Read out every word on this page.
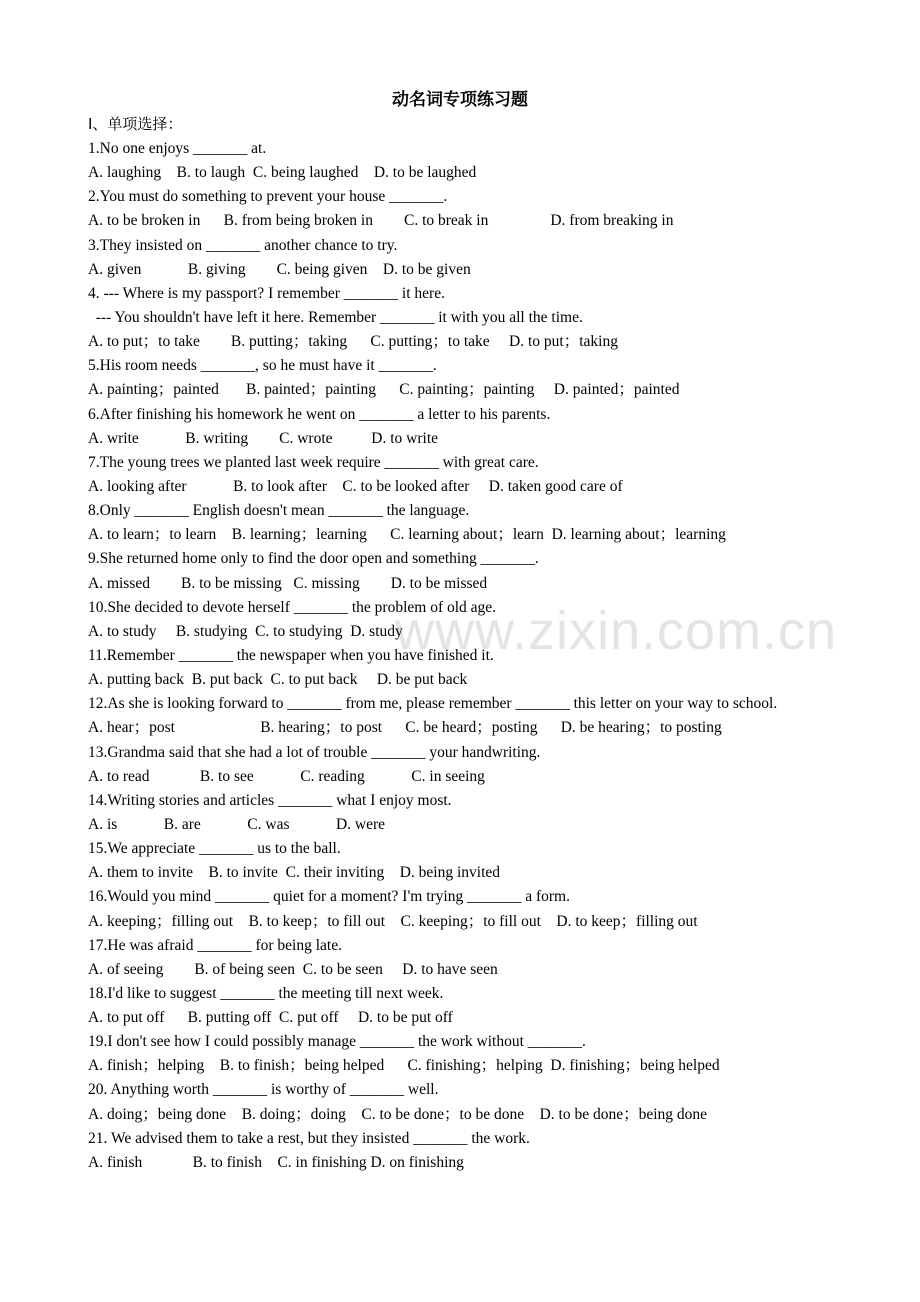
www.zixin.com.cn
动名词专项练习题
Ⅰ、单项选择：
1.No one enjoys _______ at.
A. laughing    B. to laugh  C. being laughed    D. to be laughed
2.You must do something to prevent your house _______.
A. to be broken in      B. from being broken in        C. to break in                D. from breaking in
3.They insisted on _______ another chance to try.
A. given            B. giving        C. being given    D. to be given
4. --- Where is my passport? I remember _______ it here.
--- You shouldn't have left it here. Remember _______ it with you all the time.
A. to put；to take        B. putting；taking      C. putting；to take     D. to put；taking
5.His room needs _______, so he must have it _______.
A. painting；painted       B. painted；painting      C. painting；painting     D. painted；painted
6.After finishing his homework he went on _______ a letter to his parents.
A. write            B. writing        C. wrote          D. to write
7.The young trees we planted last week require _______ with great care.
A. looking after            B. to look after    C. to be looked after     D. taken good care of
8.Only _______ English doesn't mean _______ the language.
A. to learn；to learn    B. learning；learning      C. learning about；learn  D. learning about；learning
9.She returned home only to find the door open and something _______.
A. missed        B. to be missing   C. missing        D. to be missed
10.She decided to devote herself _______ the problem of old age.
A. to study     B. studying  C. to studying  D. study
11.Remember _______ the newspaper when you have finished it.
A. putting back  B. put back  C. to put back     D. be put back
12.As she is looking forward to _______ from me, please remember _______ this letter on your way to school.
A. hear；post                      B. hearing；to post      C. be heard；posting      D. be hearing；to posting
13.Grandma said that she had a lot of trouble _______ your handwriting.
A. to read             B. to see            C. reading            C. in seeing
14.Writing stories and articles _______ what I enjoy most.
A. is            B. are            C. was            D. were
15.We appreciate _______ us to the ball.
A. them to invite    B. to invite  C. their inviting    D. being invited
16.Would you mind _______ quiet for a moment? I'm trying _______ a form.
A. keeping；filling out    B. to keep；to fill out    C. keeping；to fill out    D. to keep；filling out
17.He was afraid _______ for being late.
A. of seeing        B. of being seen  C. to be seen     D. to have seen
18.I'd like to suggest _______ the meeting till next week.
A. to put off      B. putting off  C. put off     D. to be put off
19.I don't see how I could possibly manage _______ the work without _______.
A. finish；helping    B. to finish；being helped      C. finishing；helping  D. finishing；being helped
20. Anything worth _______ is worthy of _______ well.
A. doing；being done    B. doing；doing    C. to be done；to be done    D. to be done；being done
21. We advised them to take a rest, but they insisted _______ the work.
A. finish             B. to finish    C. in finishing D. on finishing
